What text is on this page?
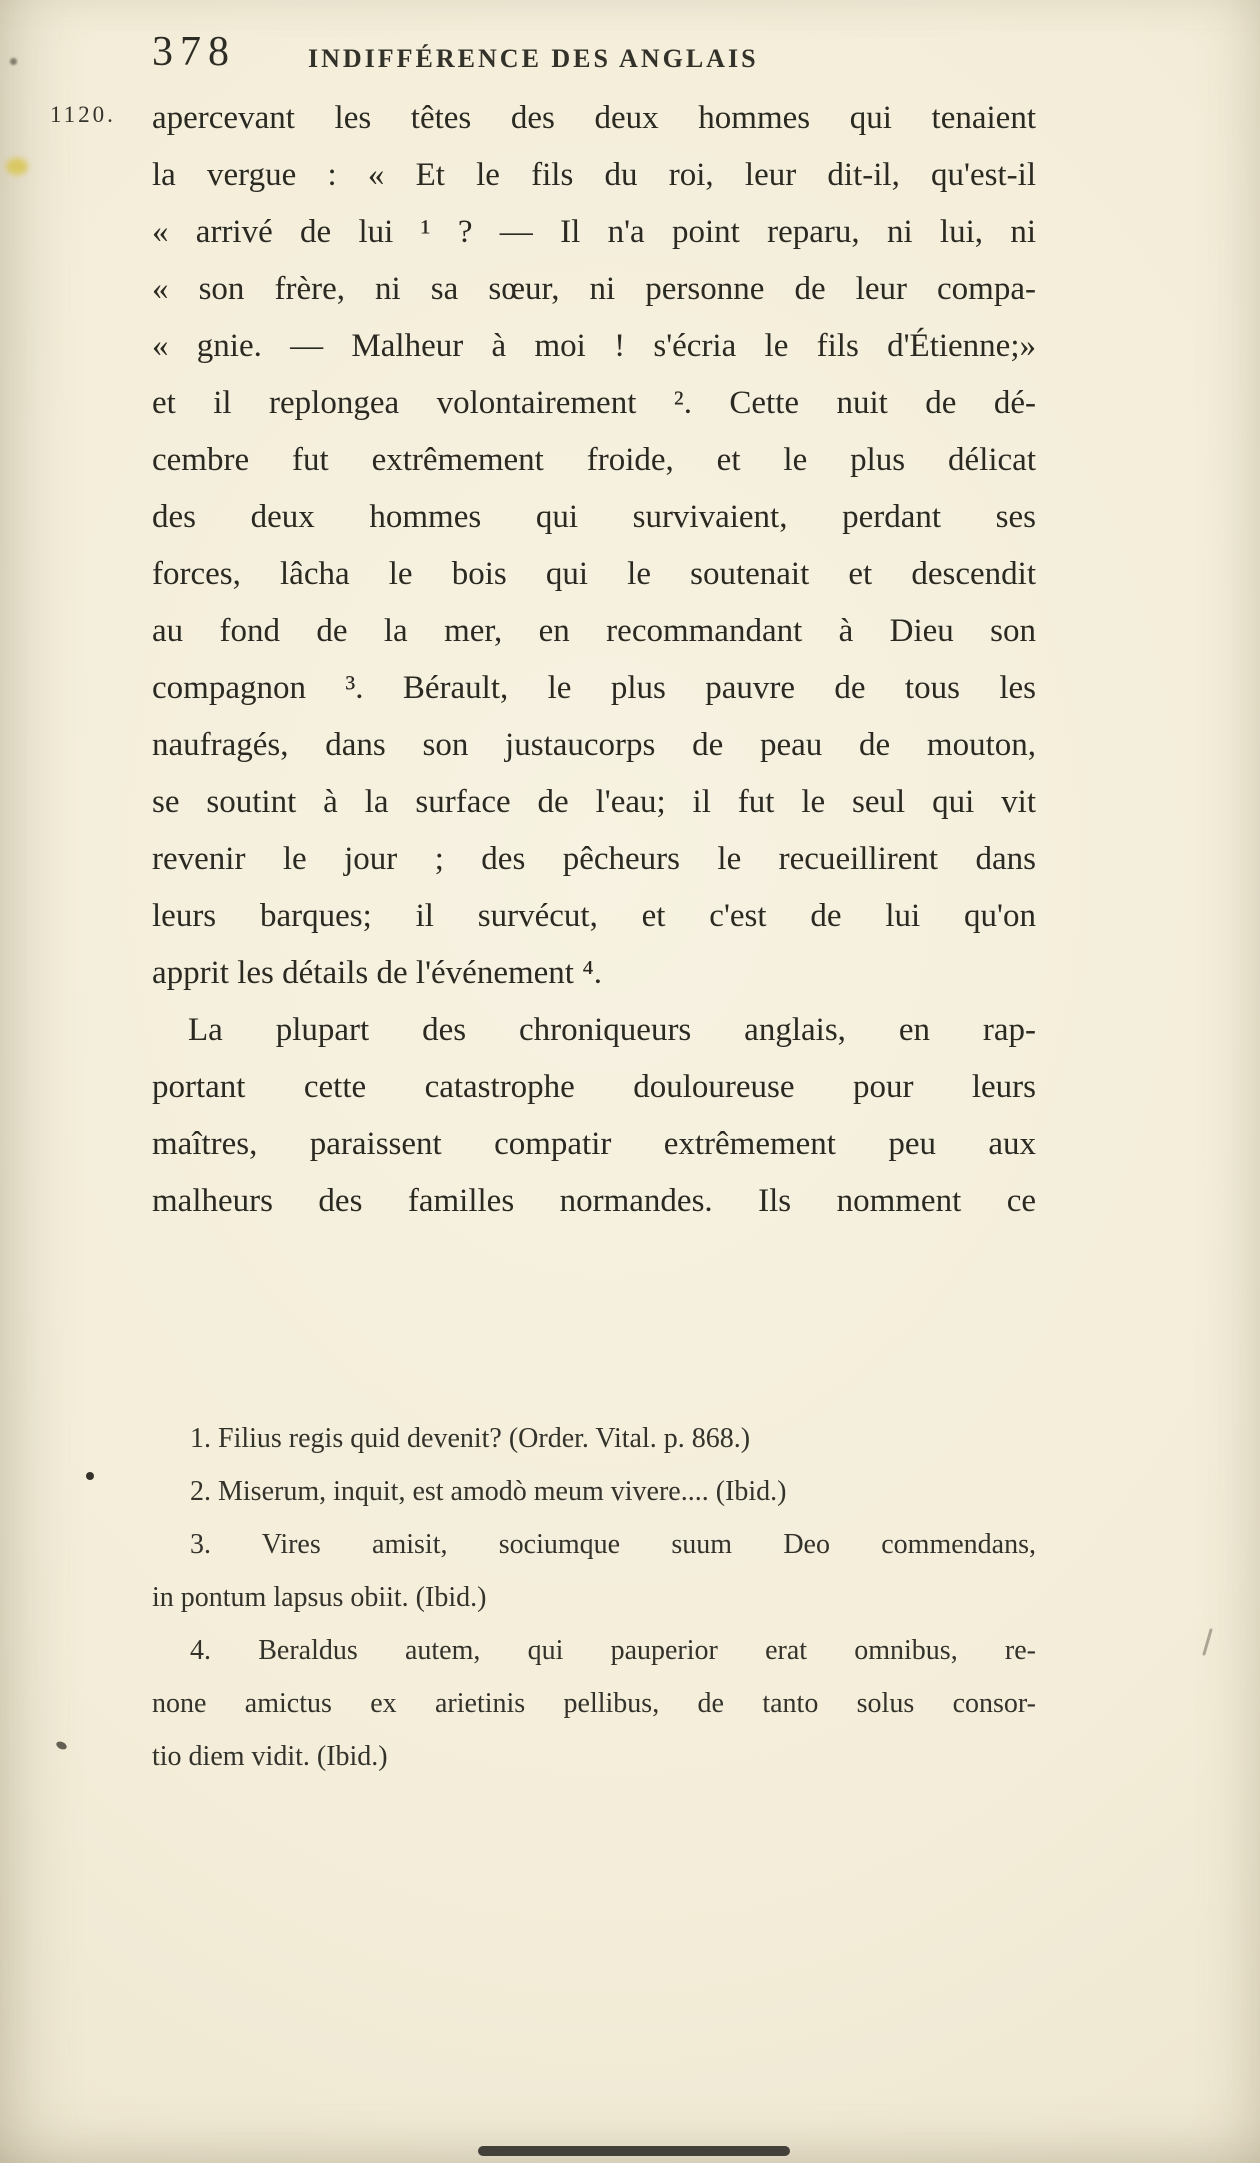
378	INDIFFÉRENCE DES ANGLAIS
1120. apercevant les têtes des deux hommes qui tenaient
la vergue : « Et le fils du roi, leur dit-il, qu'est-il
« arrivé de lui ¹ ? — Il n'a point reparu, ni lui, ni
« son frère, ni sa sœur, ni personne de leur compa-
« gnie. — Malheur à moi ! s'écria le fils d'Étienne;»
et il replongea volontairement ². Cette nuit de dé-
cembre fut extrêmement froide, et le plus délicat
des deux hommes qui survivaient, perdant ses
forces, lâcha le bois qui le soutenait et descendit
au fond de la mer, en recommandant à Dieu son
compagnon ³. Bérault, le plus pauvre de tous les
naufragés, dans son justaucorps de peau de mouton,
se soutint à la surface de l'eau; il fut le seul qui vit
revenir le jour ; des pêcheurs le recueillirent dans
leurs barques; il survécut, et c'est de lui qu'on
apprit les détails de l'événement ⁴.
La plupart des chroniqueurs anglais, en rap-
portant cette catastrophe douloureuse pour leurs
maîtres, paraissent compatir extrêmement peu aux
malheurs des familles normandes. Ils nomment ce
1. Filius regis quid devenit? (Order. Vital. p. 868.)
2. Miserum, inquit, est amodò meum vivere.... (Ibid.)
3. Vires amisit, sociumque suum Deo commendans,
in pontum lapsus obiit. (Ibid.)
4. Beraldus autem, qui pauperior erat omnibus, re-
none amictus ex arietinis pellibus, de tanto solus consor-
tio diem vidit. (Ibid.)
